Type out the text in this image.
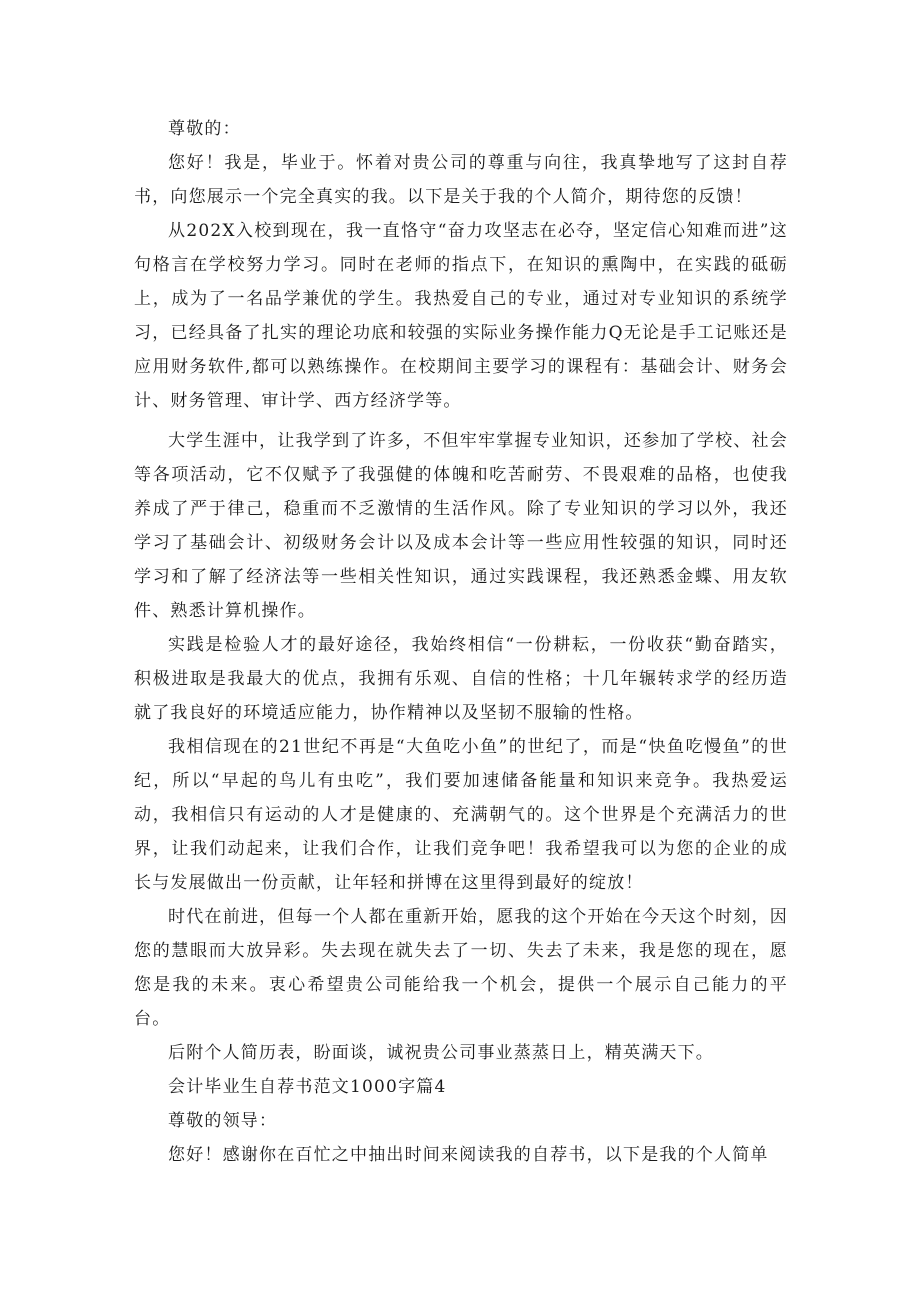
尊敬的：

您好！我是，毕业于。怀着对贵公司的尊重与向往，我真挚地写了这封自荐书，向您展示一个完全真实的我。以下是关于我的个人简介，期待您的反馈！

从202X入校到现在，我一直恪守“奋力攻坚志在必夺，坚定信心知难而进”这句格言在学校努力学习。同时在老师的指点下，在知识的熏陶中，在实践的砥砺上，成为了一名品学兼优的学生。我热爱自己的专业，通过对专业知识的系统学习，已经具备了扎实的理论功底和较强的实际业务操作能力Q无论是手工记账还是应用财务软件,都可以熟练操作。在校期间主要学习的课程有：基础会计、财务会计、财务管理、审计学、西方经济学等。

大学生涯中，让我学到了许多，不但牢牢掌握专业知识，还参加了学校、社会等各项活动，它不仅赋予了我强健的体魄和吃苦耐劳、不畏艰难的品格，也使我养成了严于律己，稳重而不乏激情的生活作风。除了专业知识的学习以外，我还学习了基础会计、初级财务会计以及成本会计等一些应用性较强的知识，同时还学习和了解了经济法等一些相关性知识，通过实践课程，我还熟悉金蝶、用友软件、熟悉计算机操作。

实践是检验人才的最好途径，我始终相信“一份耕耘，一份收获“勤奋踏实，积极进取是我最大的优点，我拥有乐观、自信的性格；十几年辗转求学的经历造就了我良好的环境适应能力，协作精神以及坚韧不服输的性格。

我相信现在的21世纪不再是“大鱼吃小鱼”的世纪了，而是“快鱼吃慢鱼”的世纪，所以“早起的鸟儿有虫吃”，我们要加速储备能量和知识来竞争。我热爱运动，我相信只有运动的人才是健康的、充满朝气的。这个世界是个充满活力的世界，让我们动起来，让我们合作，让我们竞争吧！我希望我可以为您的企业的成长与发展做出一份贡献，让年轻和拼博在这里得到最好的绽放！

时代在前进，但每一个人都在重新开始，愿我的这个开始在今天这个时刻，因您的慧眼而大放异彩。失去现在就失去了一切、失去了未来，我是您的现在，愿您是我的未来。衷心希望贵公司能给我一个机会，提供一个展示自己能力的平台。

后附个人简历表，盼面谈，诚祝贵公司事业蒸蒸日上，精英满天下。

会计毕业生自荐书范文1000字篇4

尊敬的领导：

您好！感谢你在百忙之中抽出时间来阅读我的自荐书，以下是我的个人简单
